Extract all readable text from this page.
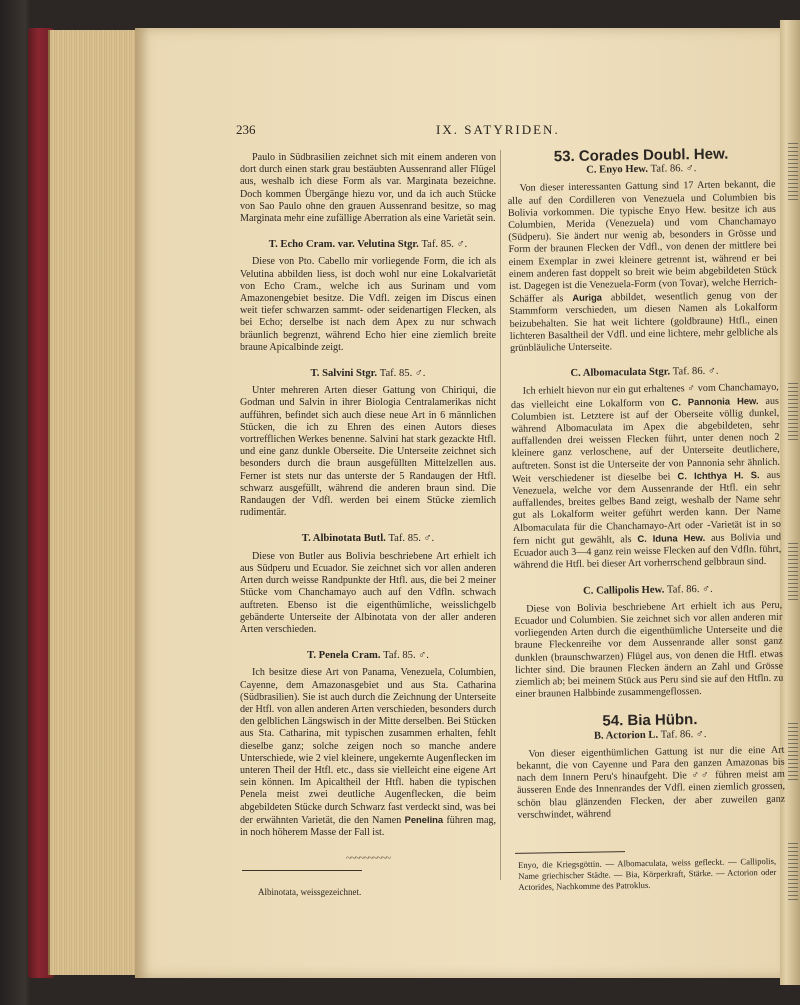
236	IX. SATYRIDEN.

Paulo in Südbrasilien zeichnet sich mit einem anderen von dort durch einen stark grau bestäubten Aussenrand aller Flügel aus, weshalb ich diese Form als var. Marginata bezeichne. Doch kommen Übergänge hiezu vor, und da ich auch Stücke von Sao Paulo ohne den grauen Aussenrand besitze, so mag Marginata mehr eine zufällige Aberration als eine Varietät sein.

T. Echo Cram. var. Velutina Stgr. Taf. 85. ♂.

Diese von Pto. Cabello mir vorliegende Form, die ich als Velutina abbilden liess, ist doch wohl nur eine Lokalvarietät von Echo Cram., welche ich aus Surinam und vom Amazonengebiet besitze. Die Vdfl. zeigen im Discus einen weit tiefer schwarzen sammt- oder seidenartigen Flecken, als bei Echo; derselbe ist nach dem Apex zu nur schwach bräunlich begrenzt, während Echo hier eine ziemlich breite braune Apicalbinde zeigt.

T. Salvini Stgr. Taf. 85. ♂.

Unter mehreren Arten dieser Gattung von Chiriqui, die Godman und Salvin in ihrer Biologia Centralamerikas nicht aufführen, befindet sich auch diese neue Art in 6 männlichen Stücken, die ich zu Ehren des einen Autors dieses vortrefflichen Werkes benenne. Salvini hat stark gezackte Htfl. und eine ganz dunkle Oberseite. Die Unterseite zeichnet sich besonders durch die braun ausgefüllten Mittelzellen aus. Ferner ist stets nur das unterste der 5 Randaugen der Htfl. schwarz ausgefüllt, während die anderen braun sind. Die Randaugen der Vdfl. werden bei einem Stücke ziemlich rudimentär.

T. Albinotata Butl. Taf. 85. ♂.

Diese von Butler aus Bolivia beschriebene Art erhielt ich aus Südperu und Ecuador. Sie zeichnet sich vor allen anderen Arten durch weisse Randpunkte der Htfl. aus, die bei 2 meiner Stücke vom Chanchamayo auch auf den Vdfln. schwach auftreten. Ebenso ist die eigenthümliche, weisslichgelb gebänderte Unterseite der Albinotata von der aller anderen Arten verschieden.

T. Penela Cram. Taf. 85. ♂.

Ich besitze diese Art von Panama, Venezuela, Columbien, Cayenne, dem Amazonasgebiet und aus Sta. Catharina (Südbrasilien). Sie ist auch durch die Zeichnung der Unterseite der Htfl. von allen anderen Arten verschieden, besonders durch den gelblichen Längswisch in der Mitte derselben. Bei Stücken aus Sta. Catharina, mit typischen zusammen erhalten, fehlt dieselbe ganz; solche zeigen noch so manche andere Unterschiede, wie 2 viel kleinere, ungekernte Augenflecken im unteren Theil der Htfl. etc., dass sie vielleicht eine eigene Art sein können. Im Apicaltheil der Htfl. haben die typischen Penela meist zwei deutliche Augenflecken, die beim abgebildeten Stücke durch Schwarz fast verdeckt sind, was bei der erwähnten Varietät, die den Namen Penelina führen mag, in noch höherem Masse der Fall ist.

~~~~~~~~~~
Albinotata, weissgezeichnet.
53. Corades Doubl. Hew.
C. Enyo Hew. Taf. 86. ♂.

Von dieser interessanten Gattung sind 17 Arten bekannt, die alle auf den Cordilleren von Venezuela und Columbien bis Bolivia vorkommen. Die typische Enyo Hew. besitze ich aus Columbien, Merida (Venezuela) und vom Chanchamayo (Südperu). Sie ändert nur wenig ab, besonders in Grösse und Form der braunen Flecken der Vdfl., von denen der mittlere bei einem Exemplar in zwei kleinere getrennt ist, während er bei einem anderen fast doppelt so breit wie beim abgebildeten Stück ist. Dagegen ist die Venezuela-Form (von Tovar), welche Herrich-Schäffer als Auriga abbildet, wesentlich genug von der Stammform verschieden, um diesen Namen als Lokalform beizubehalten. Sie hat weit lichtere (goldbraune) Htfl., einen lichteren Basaltheil der Vdfl. und eine lichtere, mehr gelbliche als grünbläuliche Unterseite.

C. Albomaculata Stgr. Taf. 86. ♂.

Ich erhielt hievon nur ein gut erhaltenes ♂ vom Chanchamayo, das vielleicht eine Lokalform von C. Pannonia Hew. aus Columbien ist. Letztere ist auf der Oberseite völlig dunkel, während Albomaculata im Apex die abgebildeten, sehr auffallenden drei weissen Flecken führt, unter denen noch 2 kleinere ganz verloschene, auf der Unterseite deutlichere, auftreten. Sonst ist die Unterseite der von Pannonia sehr ähnlich. Weit verschiedener ist dieselbe bei C. Ichthya H. S. aus Venezuela, welche vor dem Aussenrande der Htfl. ein sehr auffallendes, breites gelbes Band zeigt, weshalb der Name sehr gut als Lokalform weiter geführt werden kann. Der Name Albomaculata für die Chanchamayo-Art oder -Varietät ist in so fern nicht gut gewählt, als C. Iduna Hew. aus Bolivia und Ecuador auch 3—4 ganz rein weisse Flecken auf den Vdfln. führt, während die Htfl. bei dieser Art vorherrschend gelbbraun sind.

C. Callipolis Hew. Taf. 86. ♂.

Diese von Bolivia beschriebene Art erhielt ich aus Peru, Ecuador und Columbien. Sie zeichnet sich vor allen anderen mir vorliegenden Arten durch die eigenthümliche Unterseite und die braune Fleckenreihe vor dem Aussenrande aller sonst ganz dunklen (braunschwarzen) Flügel aus, von denen die Htfl. etwas lichter sind. Die braunen Flecken ändern an Zahl und Grösse ziemlich ab; bei meinem Stück aus Peru sind sie auf den Htfln. zu einer braunen Halbbinde zusammengeflossen.

54. Bia Hübn.
B. Actorion L. Taf. 86. ♂.

Von dieser eigenthümlichen Gattung ist nur die eine Art bekannt, die von Cayenne und Para den ganzen Amazonas bis nach dem Innern Peru's hinaufgeht. Die ♂♂ führen meist am äusseren Ende des Innenrandes der Vdfl. einen ziemlich grossen, schön blau glänzenden Flecken, der aber zuweilen ganz verschwindet, während

Enyo, die Kriegsgöttin. — Albomaculata, weiss gefleckt. — Callipolis, Name griechischer Städte. — Bia, Körperkraft, Stärke. — Actorion oder Actorides, Nachkomme des Patroklus.
